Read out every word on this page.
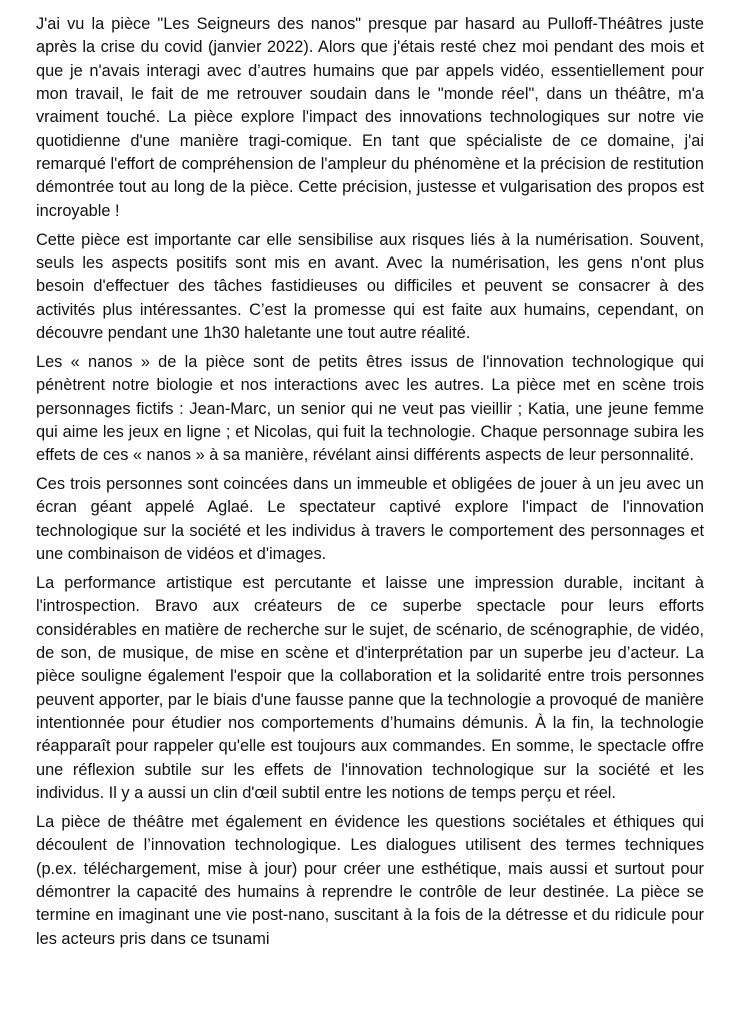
J'ai vu la pièce "Les Seigneurs des nanos" presque par hasard au Pulloff-Théâtres juste après la crise du covid (janvier 2022). Alors que j'étais resté chez moi pendant des mois et que je n'avais interagi avec d’autres humains que par appels vidéo, essentiellement pour mon travail, le fait de me retrouver soudain dans le "monde réel", dans un théâtre, m'a vraiment touché. La pièce explore l'impact des innovations technologiques sur notre vie quotidienne d'une manière tragi-comique. En tant que spécialiste de ce domaine, j'ai remarqué l'effort de compréhension de l'ampleur du phénomène et la précision de restitution démontrée tout au long de la pièce. Cette précision, justesse et vulgarisation des propos est incroyable !

Cette pièce est importante car elle sensibilise aux risques liés à la numérisation. Souvent, seuls les aspects positifs sont mis en avant. Avec la numérisation, les gens n'ont plus besoin d'effectuer des tâches fastidieuses ou difficiles et peuvent se consacrer à des activités plus intéressantes. C’est la promesse qui est faite aux humains, cependant, on découvre pendant une 1h30 haletante une tout autre réalité.

Les « nanos » de la pièce sont de petits êtres issus de l'innovation technologique qui pénètrent notre biologie et nos interactions avec les autres. La pièce met en scène trois personnages fictifs : Jean-Marc, un senior qui ne veut pas vieillir ; Katia, une jeune femme qui aime les jeux en ligne ; et Nicolas, qui fuit la technologie. Chaque personnage subira les effets de ces « nanos » à sa manière, révélant ainsi différents aspects de leur personnalité.

Ces trois personnes sont coincées dans un immeuble et obligées de jouer à un jeu avec un écran géant appelé Aglaé. Le spectateur captivé explore l'impact de l'innovation technologique sur la société et les individus à travers le comportement des personnages et une combinaison de vidéos et d'images.

La performance artistique est percutante et laisse une impression durable, incitant à l'introspection. Bravo aux créateurs de ce superbe spectacle pour leurs efforts considérables en matière de recherche sur le sujet, de scénario, de scénographie, de vidéo, de son, de musique, de mise en scène et d'interprétation par un superbe jeu d’acteur. La pièce souligne également l'espoir que la collaboration et la solidarité entre trois personnes peuvent apporter, par le biais d'une fausse panne que la technologie a provoqué de manière intentionnée pour étudier nos comportements d’humains démunis. À la fin, la technologie réapparaît pour rappeler qu'elle est toujours aux commandes. En somme, le spectacle offre une réflexion subtile sur les effets de l'innovation technologique sur la société et les individus. Il y a aussi un clin d'œil subtil entre les notions de temps perçu et réel.

La pièce de théâtre met également en évidence les questions sociétales et éthiques qui découlent de l’innovation technologique. Les dialogues utilisent des termes techniques (p.ex. téléchargement, mise à jour) pour créer une esthétique, mais aussi et surtout pour démontrer la capacité des humains à reprendre le contrôle de leur destinée. La pièce se termine en imaginant une vie post-nano, suscitant à la fois de la détresse et du ridicule pour les acteurs pris dans ce tsunami
